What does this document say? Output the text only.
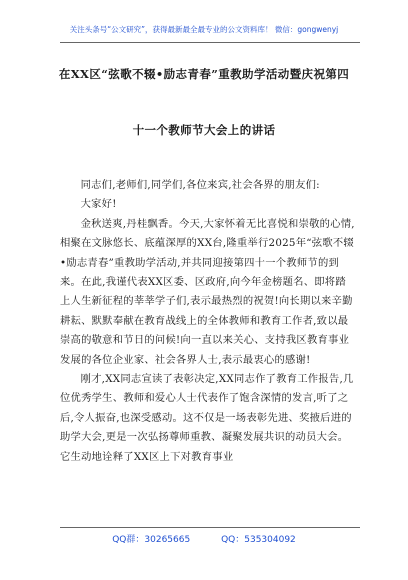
关注头条号“公文研究”，获得最新最全最专业的公文资料库！ 微信：gongwenyj
在XX区“弦歌不辍•励志青春”重教助学活动暨庆祝第四
十一个教师节大会上的讲话

同志们,老师们,同学们,各位来宾,社会各界的朋友们:

大家好!

金秋送爽,丹桂飘香。今天,大家怀着无比喜悦和崇敬的心情,相聚在文脉悠长、底蕴深厚的XX台,隆重举行2025年“弦歌不辍•励志青春”重教助学活动,并共同迎接第四十一个教师节的到来。在此,我谨代表XX区委、区政府,向今年金榜题名、即将踏上人生新征程的莘莘学子们,表示最热烈的祝贺!向长期以来辛勤耕耘、默默奉献在教育战线上的全体教师和教育工作者,致以最崇高的敬意和节日的问候!向一直以来关心、支持我区教育事业发展的各位企业家、社会各界人士,表示最衷心的感谢!

刚才,XX同志宣读了表彰决定,XX同志作了教育工作报告,几位优秀学生、教师和爱心人士代表作了饱含深情的发言,听了之后,令人振奋,也深受感动。这不仅是一场表彰先进、奖掖后进的助学大会,更是一次弘扬尊师重教、凝聚发展共识的动员大会。它生动地诠释了XX区上下对教育事业

QQ群：30265665	QQ：535304092
